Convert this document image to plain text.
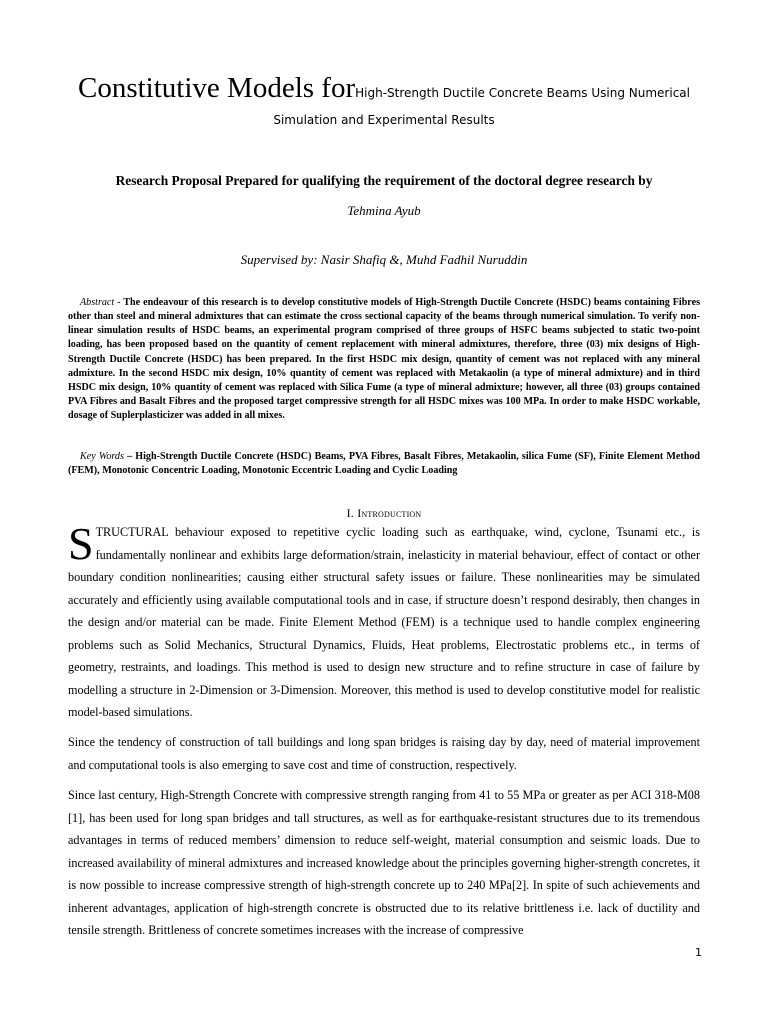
Constitutive Models forHigh-Strength Ductile Concrete Beams Using Numerical
Simulation and Experimental Results
Research Proposal Prepared for qualifying the requirement of the doctoral degree research by
Tehmina Ayub
Supervised by: Nasir Shafiq &, Muhd Fadhil Nuruddin
Abstract - The endeavour of this research is to develop constitutive models of High-Strength Ductile Concrete (HSDC) beams containing Fibres other than steel and mineral admixtures that can estimate the cross sectional capacity of the beams through numerical simulation. To verify non-linear simulation results of HSDC beams, an experimental program comprised of three groups of HSFC beams subjected to static two-point loading, has been proposed based on the quantity of cement replacement with mineral admixtures, therefore, three (03) mix designs of High-Strength Ductile Concrete (HSDC) has been prepared. In the first HSDC mix design, quantity of cement was not replaced with any mineral admixture. In the second HSDC mix design, 10% quantity of cement was replaced with Metakaolin (a type of mineral admixture) and in third HSDC mix design, 10% quantity of cement was replaced with Silica Fume (a type of mineral admixture; however, all three (03) groups contained PVA Fibres and Basalt Fibres and the proposed target compressive strength for all HSDC mixes was 100 MPa. In order to make HSDC workable, dosage of Suplerplasticizer was added in all mixes.
Key Words – High-Strength Ductile Concrete (HSDC) Beams, PVA Fibres, Basalt Fibres, Metakaolin, silica Fume (SF), Finite Element Method (FEM), Monotonic Concentric Loading, Monotonic Eccentric Loading and Cyclic Loading
I. Introduction
S TRUCTURAL behaviour exposed to repetitive cyclic loading such as earthquake, wind, cyclone, Tsunami etc., is fundamentally nonlinear and exhibits large deformation/strain, inelasticity in material behaviour, effect of contact or other boundary condition nonlinearities; causing either structural safety issues or failure. These nonlinearities may be simulated accurately and efficiently using available computational tools and in case, if structure doesn’t respond desirably, then changes in the design and/or material can be made. Finite Element Method (FEM) is a technique used to handle complex engineering problems such as Solid Mechanics, Structural Dynamics, Fluids, Heat problems, Electrostatic problems etc., in terms of geometry, restraints, and loadings. This method is used to design new structure and to refine structure in case of failure by modelling a structure in 2-Dimension or 3-Dimension. Moreover, this method is used to develop constitutive model for realistic model-based simulations.
Since the tendency of construction of tall buildings and long span bridges is raising day by day, need of material improvement and computational tools is also emerging to save cost and time of construction, respectively.
Since last century, High-Strength Concrete with compressive strength ranging from 41 to 55 MPa or greater as per ACI 318-M08 [1], has been used for long span bridges and tall structures, as well as for earthquake-resistant structures due to its tremendous advantages in terms of reduced members’ dimension to reduce self-weight, material consumption and seismic loads. Due to increased availability of mineral admixtures and increased knowledge about the principles governing higher-strength concretes, it is now possible to increase compressive strength of high-strength concrete up to 240 MPa[2]. In spite of such achievements and inherent advantages, application of high-strength concrete is obstructed due to its relative brittleness i.e. lack of ductility and tensile strength. Brittleness of concrete sometimes increases with the increase of compressive
1
